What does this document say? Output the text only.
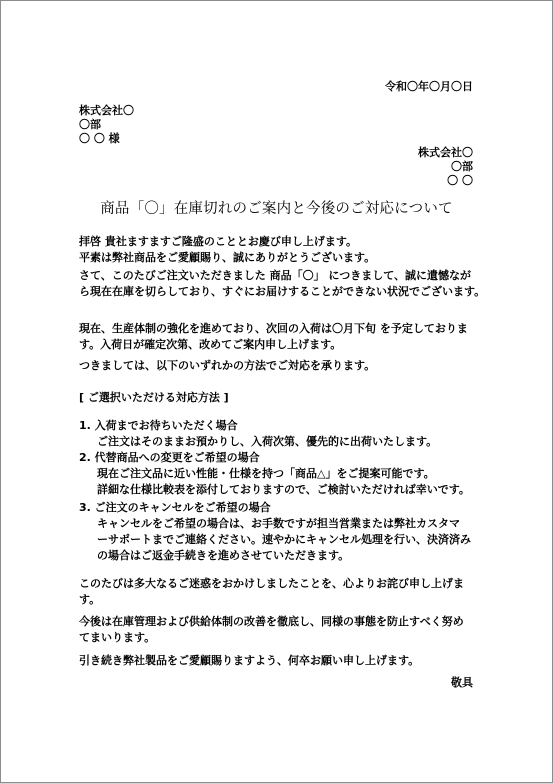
令和〇年〇月〇日
株式会社〇
〇部
〇 〇 様
株式会社〇
〇部
〇 〇
商品「〇」在庫切れのご案内と今後のご対応について
拝啓 貴社ますますご隆盛のこととお慶び申し上げます。
平素は弊社商品をご愛顧賜り、誠にありがとうございます。
さて、このたびご注文いただきました 商品「〇」 につきまして、誠に遺憾なが
ら現在在庫を切らしており、すぐにお届けすることができない状況でございます。
現在、生産体制の強化を進めており、次回の入荷は〇月下旬 を予定しておりま
す。入荷日が確定次第、改めてご案内申し上げます。
つきましては、以下のいずれかの方法でご対応を承ります。
[ ご選択いただける対応方法 ]
1. 入荷までお待ちいただく場合
ご注文はそのままお預かりし、入荷次第、優先的に出荷いたします。
2. 代替商品への変更をご希望の場合
現在ご注文品に近い性能・仕様を持つ「商品△」をご提案可能です。
詳細な仕様比較表を添付しておりますので、ご検討いただければ幸いです。
3. ご注文のキャンセルをご希望の場合
キャンセルをご希望の場合は、お手数ですが担当営業または弊社カスタマ
ーサポートまでご連絡ください。速やかにキャンセル処理を行い、決済済み
の場合はご返金手続きを進めさせていただきます。
このたびは多大なるご迷惑をおかけしましたことを、心よりお詫び申し上げま
す。
今後は在庫管理および供給体制の改善を徹底し、同様の事態を防止すべく努め
てまいります。
引き続き弊社製品をご愛顧賜りますよう、何卒お願い申し上げます。
敬具
